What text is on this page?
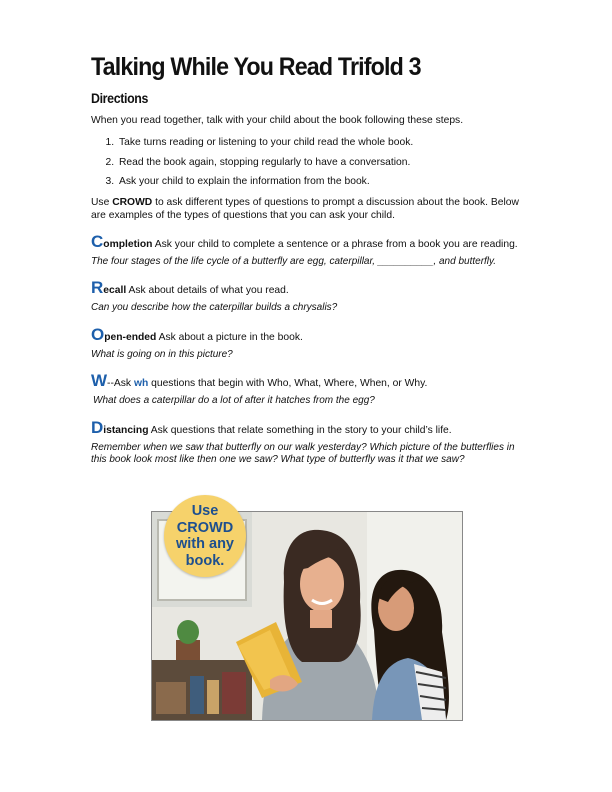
Talking While You Read Trifold 3
Directions

When you read together, talk with your child about the book following these steps.

1. Take turns reading or listening to your child read the whole book.
2. Read the book again, stopping regularly to have a conversation.
3. Ask your child to explain the information from the book.

Use CROWD to ask different types of questions to prompt a discussion about the book. Below are examples of the types of questions that you can ask your child.

Completion Ask your child to complete a sentence or a phrase from a book you are reading.

The four stages of the life cycle of a butterfly are egg, caterpillar, __________, and butterfly.

Recall Ask about details of what you read.

Can you describe how the caterpillar builds a chrysalis?

Open-ended Ask about a picture in the book.

What is going on in this picture?

W--Ask wh questions that begin with Who, What, Where, When, or Why.

What does a caterpillar do a lot of after it hatches from the egg?

Distancing Ask questions that relate something in the story to your child’s life.

Remember when we saw that butterfly on our walk yesterday? Which picture of the butterflies in this book look most like then one we saw? What type of butterfly was it that we saw?

Use
CROWD
with any
book.
